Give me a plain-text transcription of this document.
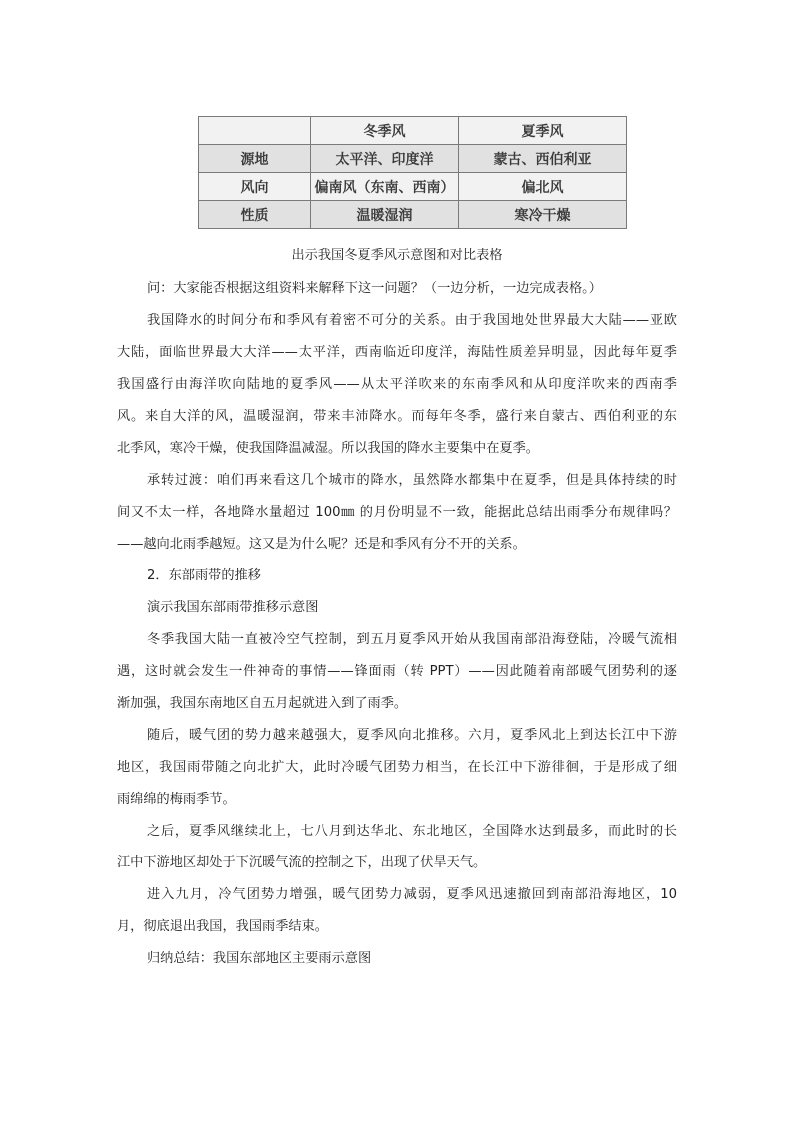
	冬季风	夏季风
源地	太平洋、印度洋	蒙古、西伯利亚
风向	偏南风（东南、西南）	偏北风
性质	温暖湿润	寒冷干燥

出示我国冬夏季风示意图和对比表格

问：大家能否根据这组资料来解释下这一问题？（一边分析，一边完成表格。）

我国降水的时间分布和季风有着密不可分的关系。由于我国地处世界最大大陆——亚欧

大陆，面临世界最大大洋——太平洋，西南临近印度洋，海陆性质差异明显，因此每年夏季

我国盛行由海洋吹向陆地的夏季风——从太平洋吹来的东南季风和从印度洋吹来的西南季

风。来自大洋的风，温暖湿润，带来丰沛降水。而每年冬季，盛行来自蒙古、西伯利亚的东

北季风，寒冷干燥，使我国降温减湿。所以我国的降水主要集中在夏季。

承转过渡：咱们再来看这几个城市的降水，虽然降水都集中在夏季，但是具体持续的时

间又不太一样，各地降水量超过 100㎜ 的月份明显不一致，能据此总结出雨季分布规律吗？

——越向北雨季越短。这又是为什么呢？还是和季风有分不开的关系。

2．东部雨带的推移

演示我国东部雨带推移示意图

冬季我国大陆一直被冷空气控制，到五月夏季风开始从我国南部沿海登陆，冷暖气流相

遇，这时就会发生一件神奇的事情——锋面雨（转 PPT）——因此随着南部暖气团势利的逐

渐加强，我国东南地区自五月起就进入到了雨季。

随后，暖气团的势力越来越强大，夏季风向北推移。六月，夏季风北上到达长江中下游

地区，我国雨带随之向北扩大，此时冷暖气团势力相当，在长江中下游徘徊，于是形成了细

雨绵绵的梅雨季节。

之后，夏季风继续北上，七八月到达华北、东北地区，全国降水达到最多，而此时的长

江中下游地区却处于下沉暖气流的控制之下，出现了伏旱天气。

进入九月，冷气团势力增强，暖气团势力减弱，夏季风迅速撤回到南部沿海地区，10

月，彻底退出我国，我国雨季结束。

归纳总结：我国东部地区主要雨示意图
